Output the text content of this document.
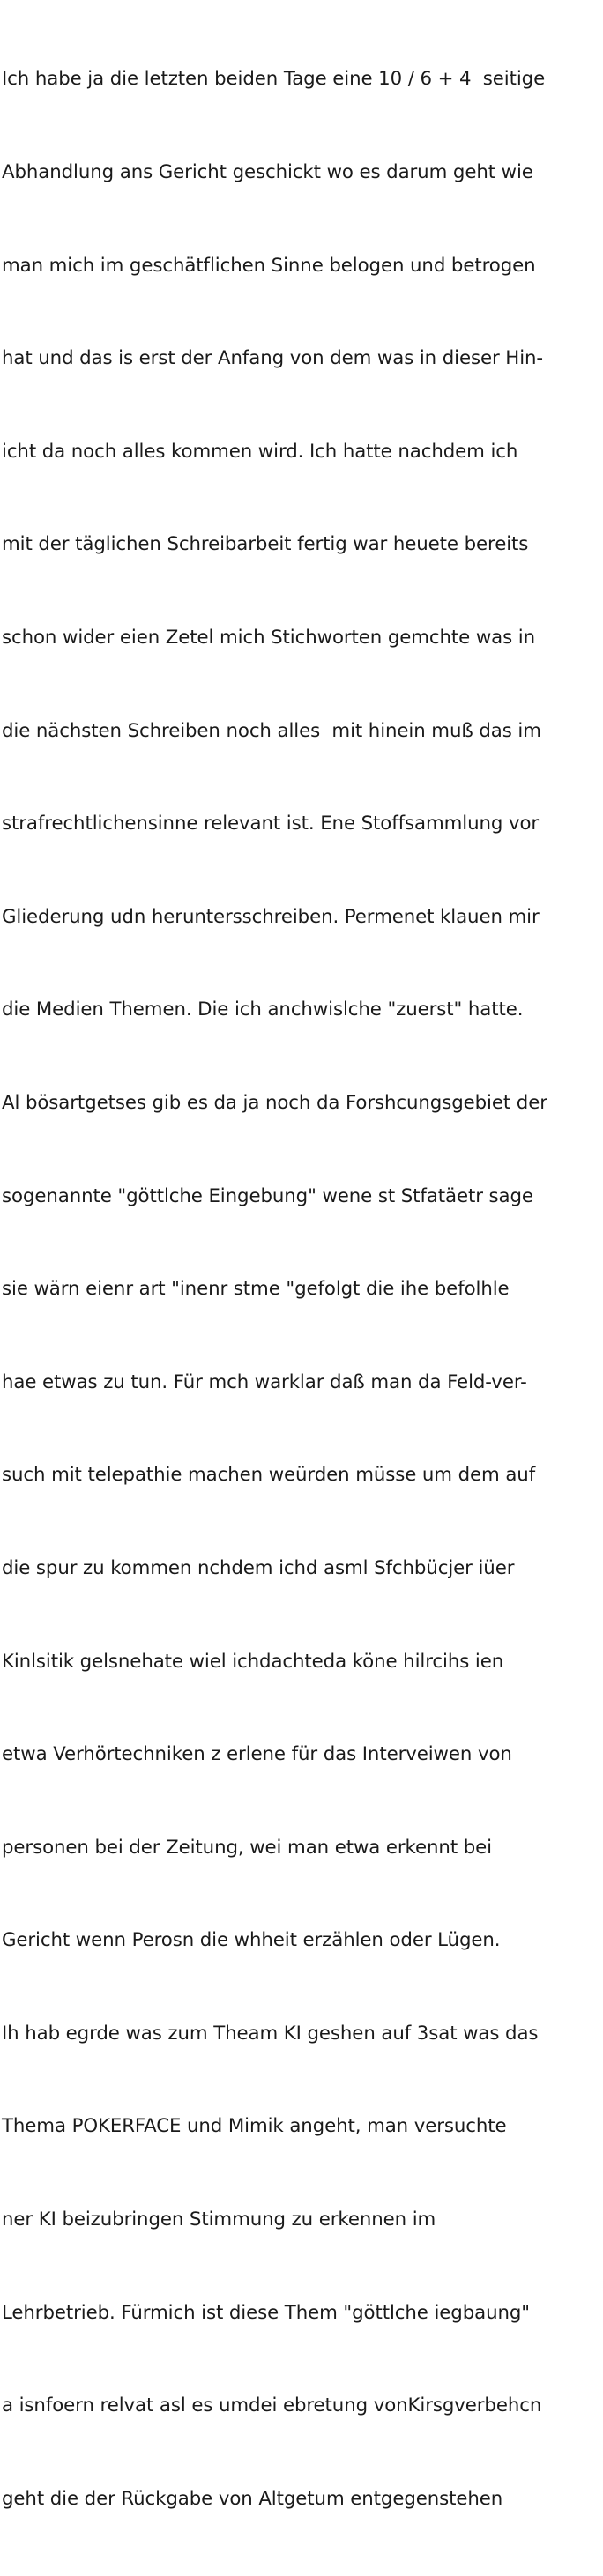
Ich habe ja die letzten beiden Tage eine 10 / 6 + 4  seitige

Abhandlung ans Gericht geschickt wo es darum geht wie

man mich im geschätflichen Sinne belogen und betrogen

hat und das is erst der Anfang von dem was in dieser Hin-

icht da noch alles kommen wird. Ich hatte nachdem ich

mit der täglichen Schreibarbeit fertig war heuete bereits

schon wider eien Zetel mich Stichworten gemchte was in

die nächsten Schreiben noch alles  mit hinein muß das im

strafrechtlichensinne relevant ist. Ene Stoffsammlung vor

Gliederung udn heruntersschreiben. Permenet klauen mir

die Medien Themen. Die ich anchwislche "zuerst" hatte.

Al bösartgetses gib es da ja noch da Forshcungsgebiet der

sogenannte "göttlche Eingebung" wene st Stfatäetr sage

sie wärn eienr art "inenr stme "gefolgt die ihe befolhle

hae etwas zu tun. Für mch warklar daß man da Feld-ver-

such mit telepathie machen weürden müsse um dem auf

die spur zu kommen nchdem ichd asml Sfchbücjer iüer

Kinlsitik gelsnehate wiel ichdachteda köne hilrcihs ien

etwa Verhörtechniken z erlene für das Interveiwen von

personen bei der Zeitung, wei man etwa erkennt bei

Gericht wenn Perosn die whheit erzählen oder Lügen.

Ih hab egrde was zum Theam KI geshen auf 3sat was das

Thema POKERFACE und Mimik angeht, man versuchte

ner KI beizubringen Stimmung zu erkennen im

Lehrbetrieb. Fürmich ist diese Them "göttlche iegbaung"

a isnfoern relvat asl es umdei ebretung vonKirsgverbehcn

geht die der Rückgabe von Altgetum entgegenstehen
